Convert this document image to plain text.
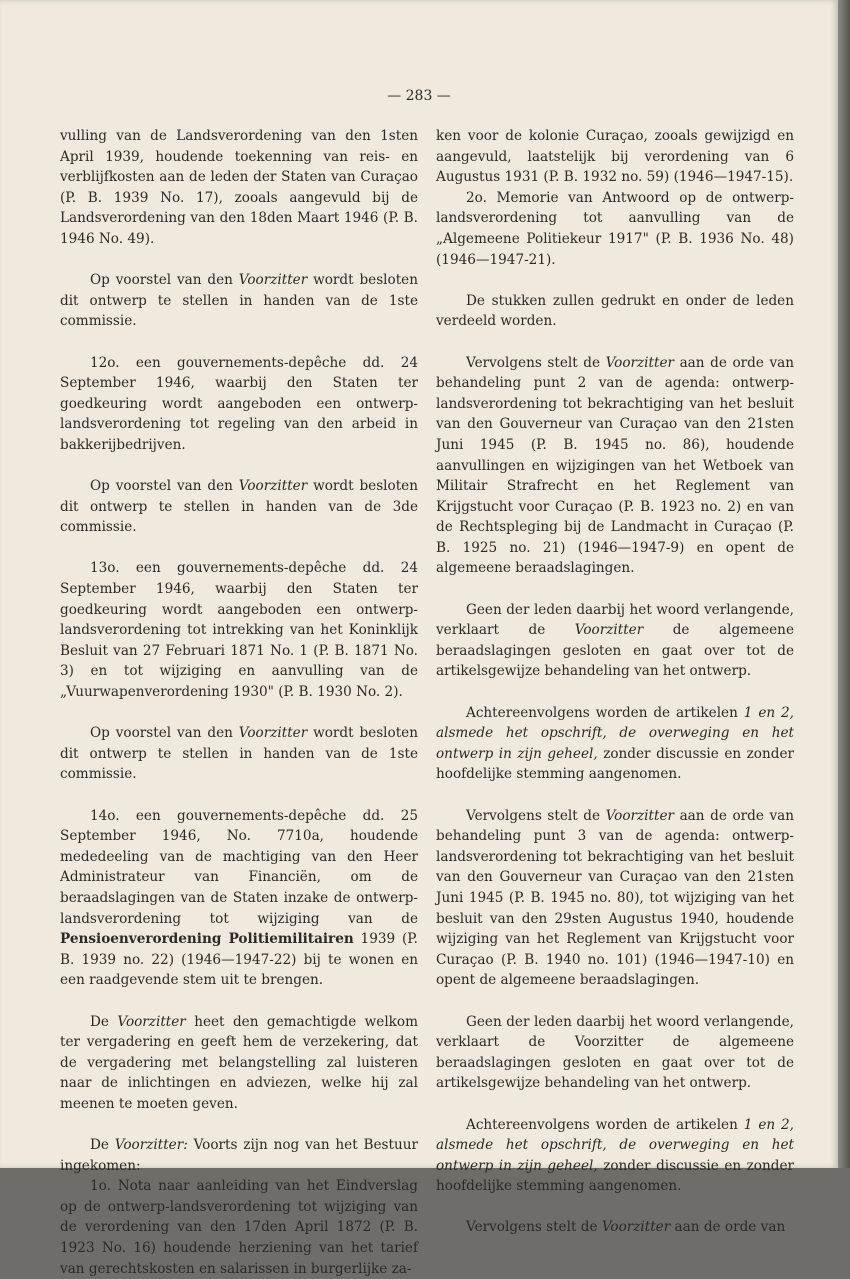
— 283 —

vulling van de Landsverordening van den 1sten April 1939, houdende toekenning van reis- en verblijfkosten aan de leden der Staten van Curaçao (P. B. 1939 No. 17), zooals aangevuld bij de Landsverordening van den 18den Maart 1946 (P. B. 1946 No. 49).

Op voorstel van den Voorzitter wordt besloten dit ontwerp te stellen in handen van de 1ste commissie.

12o. een gouvernements-depêche dd. 24 September 1946, waarbij den Staten ter goedkeuring wordt aangeboden een ontwerp-landsverordening tot regeling van den arbeid in bakkerijbedrijven.

Op voorstel van den Voorzitter wordt besloten dit ontwerp te stellen in handen van de 3de commissie.

13o. een gouvernements-depêche dd. 24 September 1946, waarbij den Staten ter goedkeuring wordt aangeboden een ontwerp-landsverordening tot intrekking van het Koninklijk Besluit van 27 Februari 1871 No. 1 (P. B. 1871 No. 3) en tot wijziging en aanvulling van de „Vuurwapenverordening 1930" (P. B. 1930 No. 2).

Op voorstel van den Voorzitter wordt besloten dit ontwerp te stellen in handen van de 1ste commissie.

14o. een gouvernements-depêche dd. 25 September 1946, No. 7710a, houdende mededeeling van de machtiging van den Heer Administrateur van Financiën, om de beraadslagingen van de Staten inzake de ontwerp-landsverordening tot wijziging van de Pensioenverordening Politiemilitairen 1939 (P. B. 1939 no. 22) (1946—1947-22) bij te wonen en een raadgevende stem uit te brengen.

De Voorzitter heet den gemachtigde welkom ter vergadering en geeft hem de verzekering, dat de vergadering met belangstelling zal luisteren naar de inlichtingen en adviezen, welke hij zal meenen te moeten geven.

De Voorzitter: Voorts zijn nog van het Bestuur ingekomen:

1o. Nota naar aanleiding van het Eindverslag op de ontwerp-landsverordening tot wijziging van de verordening van den 17den April 1872 (P. B. 1923 No. 16) houdende herziening van het tarief van gerechtskosten en salarissen in burgerlijke za-

ken voor de kolonie Curaçao, zooals gewijzigd en aangevuld, laatstelijk bij verordening van 6 Augustus 1931 (P. B. 1932 no. 59) (1946—1947-15).

2o. Memorie van Antwoord op de ontwerp-landsverordening tot aanvulling van de „Algemeene Politiekeur 1917" (P. B. 1936 No. 48) (1946—1947-21).

De stukken zullen gedrukt en onder de leden verdeeld worden.

Vervolgens stelt de Voorzitter aan de orde van behandeling punt 2 van de agenda: ontwerp-landsverordening tot bekrachtiging van het besluit van den Gouverneur van Curaçao van den 21sten Juni 1945 (P. B. 1945 no. 86), houdende aanvullingen en wijzigingen van het Wetboek van Militair Strafrecht en het Reglement van Krijgstucht voor Curaçao (P. B. 1923 no. 2) en van de Rechtspleging bij de Landmacht in Curaçao (P. B. 1925 no. 21) (1946—1947-9) en opent de algemeene beraadslagingen.

Geen der leden daarbij het woord verlangende, verklaart de Voorzitter de algemeene beraadslagingen gesloten en gaat over tot de artikelsgewijze behandeling van het ontwerp.

Achtereenvolgens worden de artikelen 1 en 2, alsmede het opschrift, de overweging en het ontwerp in zijn geheel, zonder discussie en zonder hoofdelijke stemming aangenomen.

Vervolgens stelt de Voorzitter aan de orde van behandeling punt 3 van de agenda: ontwerp-landsverordening tot bekrachtiging van het besluit van den Gouverneur van Curaçao van den 21sten Juni 1945 (P. B. 1945 no. 80), tot wijziging van het besluit van den 29sten Augustus 1940, houdende wijziging van het Reglement van Krijgstucht voor Curaçao (P. B. 1940 no. 101) (1946—1947-10) en opent de algemeene beraadslagingen.

Geen der leden daarbij het woord verlangende, verklaart de Voorzitter de algemeene beraadslagingen gesloten en gaat over tot de artikelsgewijze behandeling van het ontwerp.

Achtereenvolgens worden de artikelen 1 en 2, alsmede het opschrift, de overweging en het ontwerp in zijn geheel, zonder discussie en zonder hoofdelijke stemming aangenomen.

Vervolgens stelt de Voorzitter aan de orde van
